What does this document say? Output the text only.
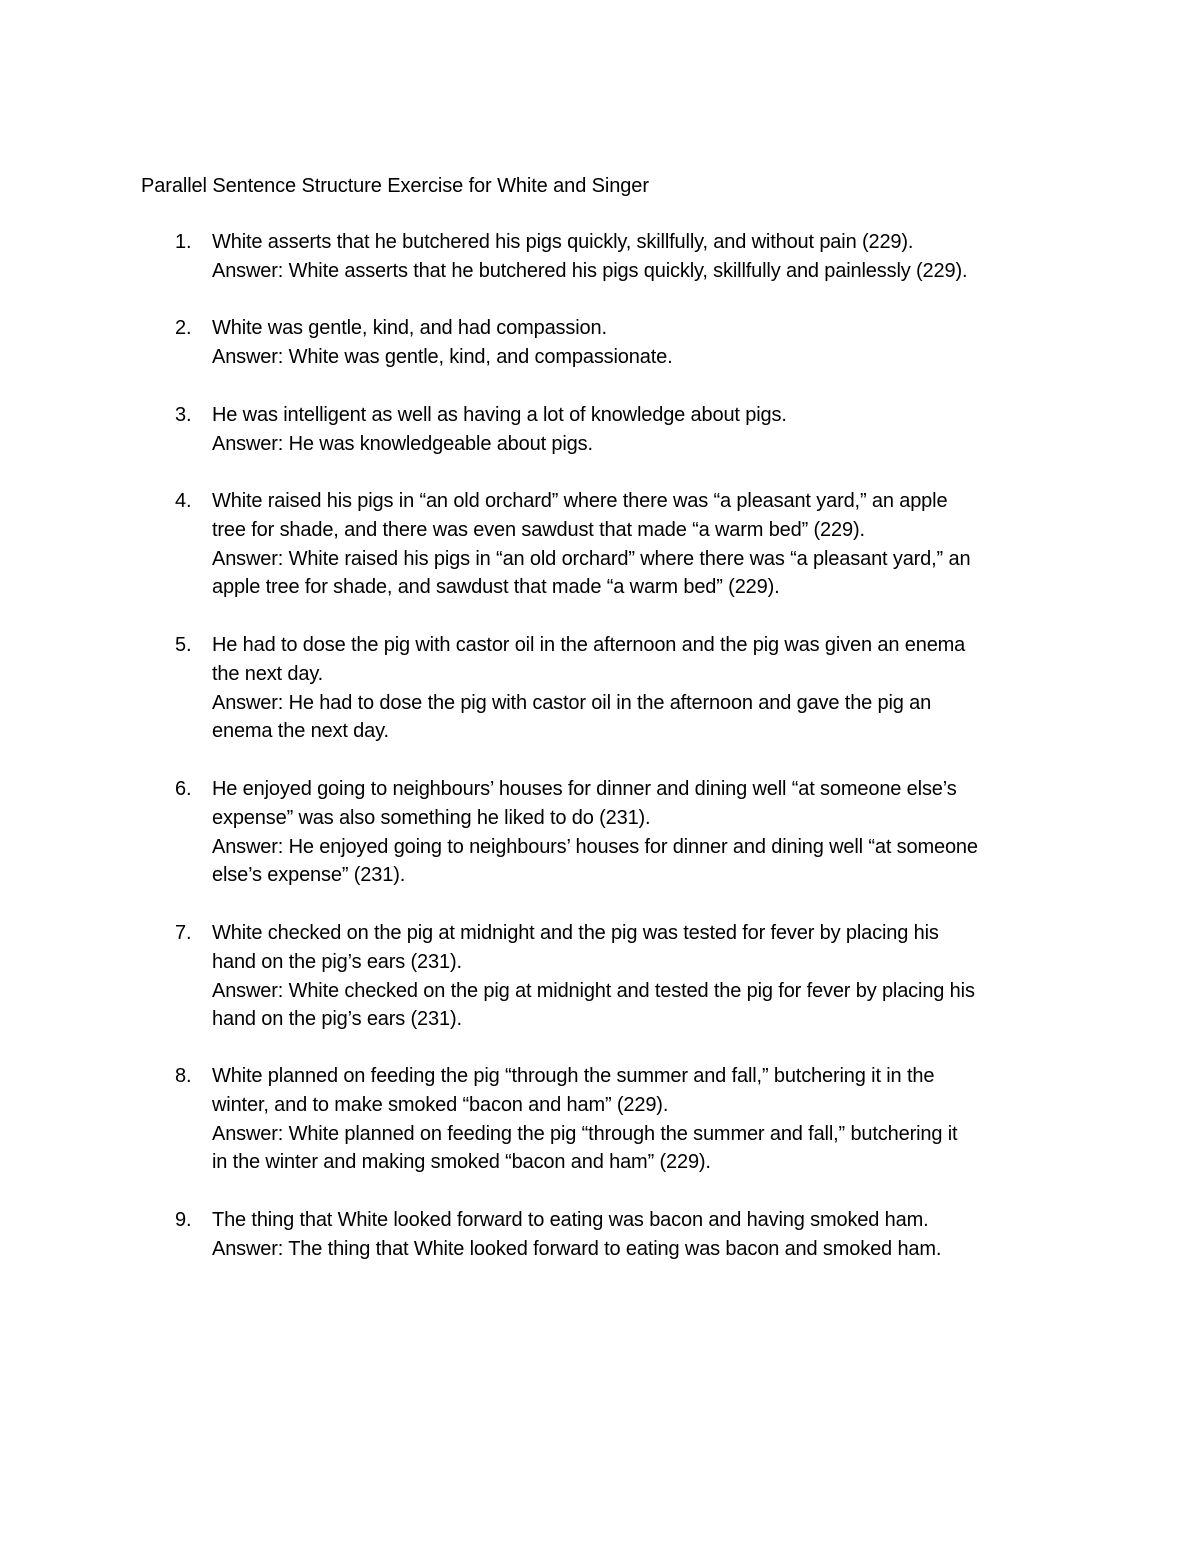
Parallel Sentence Structure Exercise for White and Singer
1.	White asserts that he butchered his pigs quickly, skillfully, and without pain (229).
Answer: White asserts that he butchered his pigs quickly, skillfully and painlessly (229).
2.	White was gentle, kind, and had compassion.
Answer: White was gentle, kind, and compassionate.
3.	He was intelligent as well as having a lot of knowledge about pigs.
Answer: He was knowledgeable about pigs.
4.	White raised his pigs in “an old orchard” where there was “a pleasant yard,” an apple
tree for shade, and there was even sawdust that made “a warm bed” (229).
Answer: White raised his pigs in “an old orchard” where there was “a pleasant yard,” an
apple tree for shade, and sawdust that made “a warm bed” (229).
5.	He had to dose the pig with castor oil in the afternoon and the pig was given an enema
the next day.
Answer: He had to dose the pig with castor oil in the afternoon and gave the pig an
enema the next day.
6.	He enjoyed going to neighbours’ houses for dinner and dining well “at someone else’s
expense” was also something he liked to do (231).
Answer: He enjoyed going to neighbours’ houses for dinner and dining well “at someone
else’s expense” (231).
7.	White checked on the pig at midnight and the pig was tested for fever by placing his
hand on the pig’s ears (231).
Answer: White checked on the pig at midnight and tested the pig for fever by placing his
hand on the pig’s ears (231).
8.	White planned on feeding the pig “through the summer and fall,” butchering it in the
winter, and to make smoked “bacon and ham” (229).
Answer: White planned on feeding the pig “through the summer and fall,” butchering it
in the winter and making smoked “bacon and ham” (229).
9.	The thing that White looked forward to eating was bacon and having smoked ham.
Answer: The thing that White looked forward to eating was bacon and smoked ham.
